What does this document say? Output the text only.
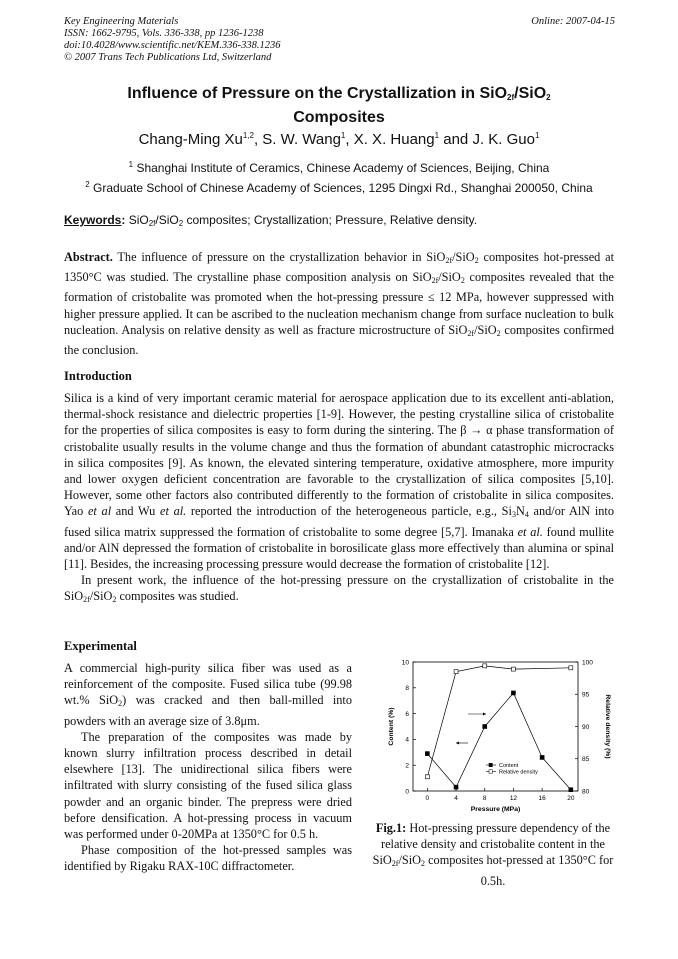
Key Engineering Materials
ISSN: 1662-9795, Vols. 336-338, pp 1236-1238
doi:10.4028/www.scientific.net/KEM.336-338.1236
© 2007 Trans Tech Publications Ltd, Switzerland
Online: 2007-04-15
Influence of Pressure on the Crystallization in SiO$_{2f}$/SiO$_2$
Composites
Chang-Ming Xu$^{1,2}$, S. W. Wang$^1$, X. X. Huang$^1$ and J. K. Guo$^1$
$^1$ Shanghai Institute of Ceramics, Chinese Academy of Sciences, Beijing, China
$^2$ Graduate School of Chinese Academy of Sciences, 1295 Dingxi Rd., Shanghai 200050, China
Keywords: SiO$_{2f}$/SiO$_2$ composites; Crystallization; Pressure, Relative density.
Abstract. The influence of pressure on the crystallization behavior in SiO$_{2f}$/SiO$_2$ composites hot-pressed at 1350°C was studied. The crystalline phase composition analysis on SiO$_{2f}$/SiO$_2$ composites revealed that the formation of cristobalite was promoted when the hot-pressing pressure ≤ 12 MPa, however suppressed with higher pressure applied. It can be ascribed to the nucleation mechanism change from surface nucleation to bulk nucleation. Analysis on relative density as well as fracture microstructure of SiO$_{2f}$/SiO$_2$ composites confirmed the conclusion.
Introduction
Silica is a kind of very important ceramic material for aerospace application due to its excellent anti-ablation, thermal-shock resistance and dielectric properties [1-9]. However, the pesting crystalline silica of cristobalite for the properties of silica composites is easy to form during the sintering. The β → α phase transformation of cristobalite usually results in the volume change and thus the formation of abundant catastrophic microcracks in silica composites [9]. As known, the elevated sintering temperature, oxidative atmosphere, more impurity and lower oxygen deficient concentration are favorable to the crystallization of silica composites [5,10]. However, some other factors also contributed differently to the formation of cristobalite in silica composites. Yao et al and Wu et al. reported the introduction of the heterogeneous particle, e.g., $Si_3N_4$ and/or AlN into fused silica matrix suppressed the formation of cristobalite to some degree [5,7]. Imanaka et al. found mullite and/or AlN depressed the formation of cristobalite in borosilicate glass more effectively than alumina or spinal [11]. Besides, the increasing processing pressure would decrease the formation of cristobalite [12].
In present work, the influence of the hot-pressing pressure on the crystallization of cristobalite in the SiO$_{2f}$/SiO$_2$ composites was studied.
Experimental
A commercial high-purity silica fiber was used as a reinforcement of the composite. Fused silica tube (99.98 wt.% SiO$_2$) was cracked and then ball-milled into powders with an average size of 3.8μm.
The preparation of the composites was made by known slurry infiltration process described in detail elsewhere [13]. The unidirectional silica fibers were infiltrated with slurry consisting of the fused silica glass powder and an organic binder. The prepress were dried before densification. A hot-pressing process in vacuum was performed under 0-20MPa at 1350°C for 0.5 h.
Phase composition of the hot-pressed samples was identified by Rigaku RAX-10C diffractometer.
0	4	8	12	16	20
0
2
4
6
8
10
80
85
90
95
100
Pressure (MPa)
Content (%)	Relative density (%)
Content
Relative density
Fig.1: Hot-pressing pressure dependency of the relative density and cristobalite content in the SiO$_{2f}$/SiO$_2$ composites hot-pressed at 1350°C for 0.5h.
